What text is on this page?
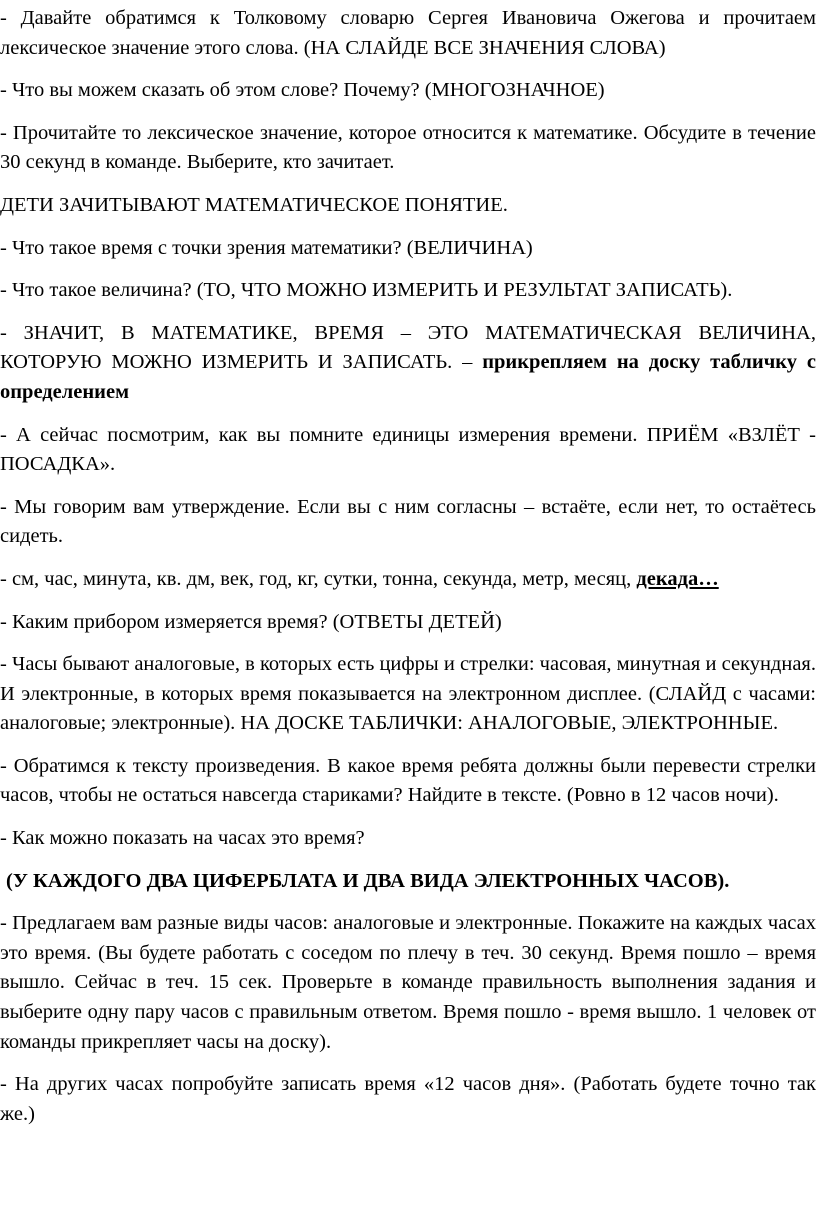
- Давайте обратимся к Толковому словарю Сергея Ивановича Ожегова и прочитаем лексическое значение этого слова. (НА СЛАЙДЕ ВСЕ ЗНАЧЕНИЯ СЛОВА)

- Что вы можем сказать об этом слове? Почему? (МНОГОЗНАЧНОЕ)

- Прочитайте то лексическое значение, которое относится к математике. Обсудите в течение 30 секунд в команде. Выберите, кто зачитает.

ДЕТИ ЗАЧИТЫВАЮТ МАТЕМАТИЧЕСКОЕ ПОНЯТИЕ.

- Что такое время с точки зрения математики? (ВЕЛИЧИНА)

- Что такое величина? (ТО, ЧТО МОЖНО ИЗМЕРИТЬ И РЕЗУЛЬТАТ ЗАПИСАТЬ).

- ЗНАЧИТ, В МАТЕМАТИКЕ, ВРЕМЯ – ЭТО МАТЕМАТИЧЕСКАЯ ВЕЛИЧИНА, КОТОРУЮ МОЖНО ИЗМЕРИТЬ И ЗАПИСАТЬ. – прикрепляем на доску табличку с определением

- А сейчас посмотрим, как вы помните единицы измерения времени. ПРИЁМ «ВЗЛЁТ - ПОСАДКА».

- Мы говорим вам утверждение. Если вы с ним согласны – встаёте, если нет, то остаётесь сидеть.

- см, час, минута, кв. дм, век, год, кг, сутки, тонна, секунда, метр, месяц, декада…

- Каким прибором измеряется время? (ОТВЕТЫ ДЕТЕЙ)

- Часы бывают аналоговые, в которых есть цифры и стрелки: часовая, минутная и секундная. И электронные, в которых время показывается на электронном дисплее. (СЛАЙД с часами: аналоговые; электронные). НА ДОСКЕ ТАБЛИЧКИ: АНАЛОГОВЫЕ, ЭЛЕКТРОННЫЕ.

- Обратимся к тексту произведения. В какое время ребята должны были перевести стрелки часов, чтобы не остаться навсегда стариками? Найдите в тексте. (Ровно в 12 часов ночи).

- Как можно показать на часах это время?

(У КАЖДОГО ДВА ЦИФЕРБЛАТА И ДВА ВИДА ЭЛЕКТРОННЫХ ЧАСОВ).

- Предлагаем вам разные виды часов: аналоговые и электронные. Покажите на каждых часах это время. (Вы будете работать с соседом по плечу в теч. 30 секунд. Время пошло – время вышло. Сейчас в теч. 15 сек. Проверьте в команде правильность выполнения задания и выберите одну пару часов с правильным ответом. Время пошло - время вышло. 1 человек от команды прикрепляет часы на доску).

- На других часах попробуйте записать время «12 часов дня». (Работать будете точно так же.)
